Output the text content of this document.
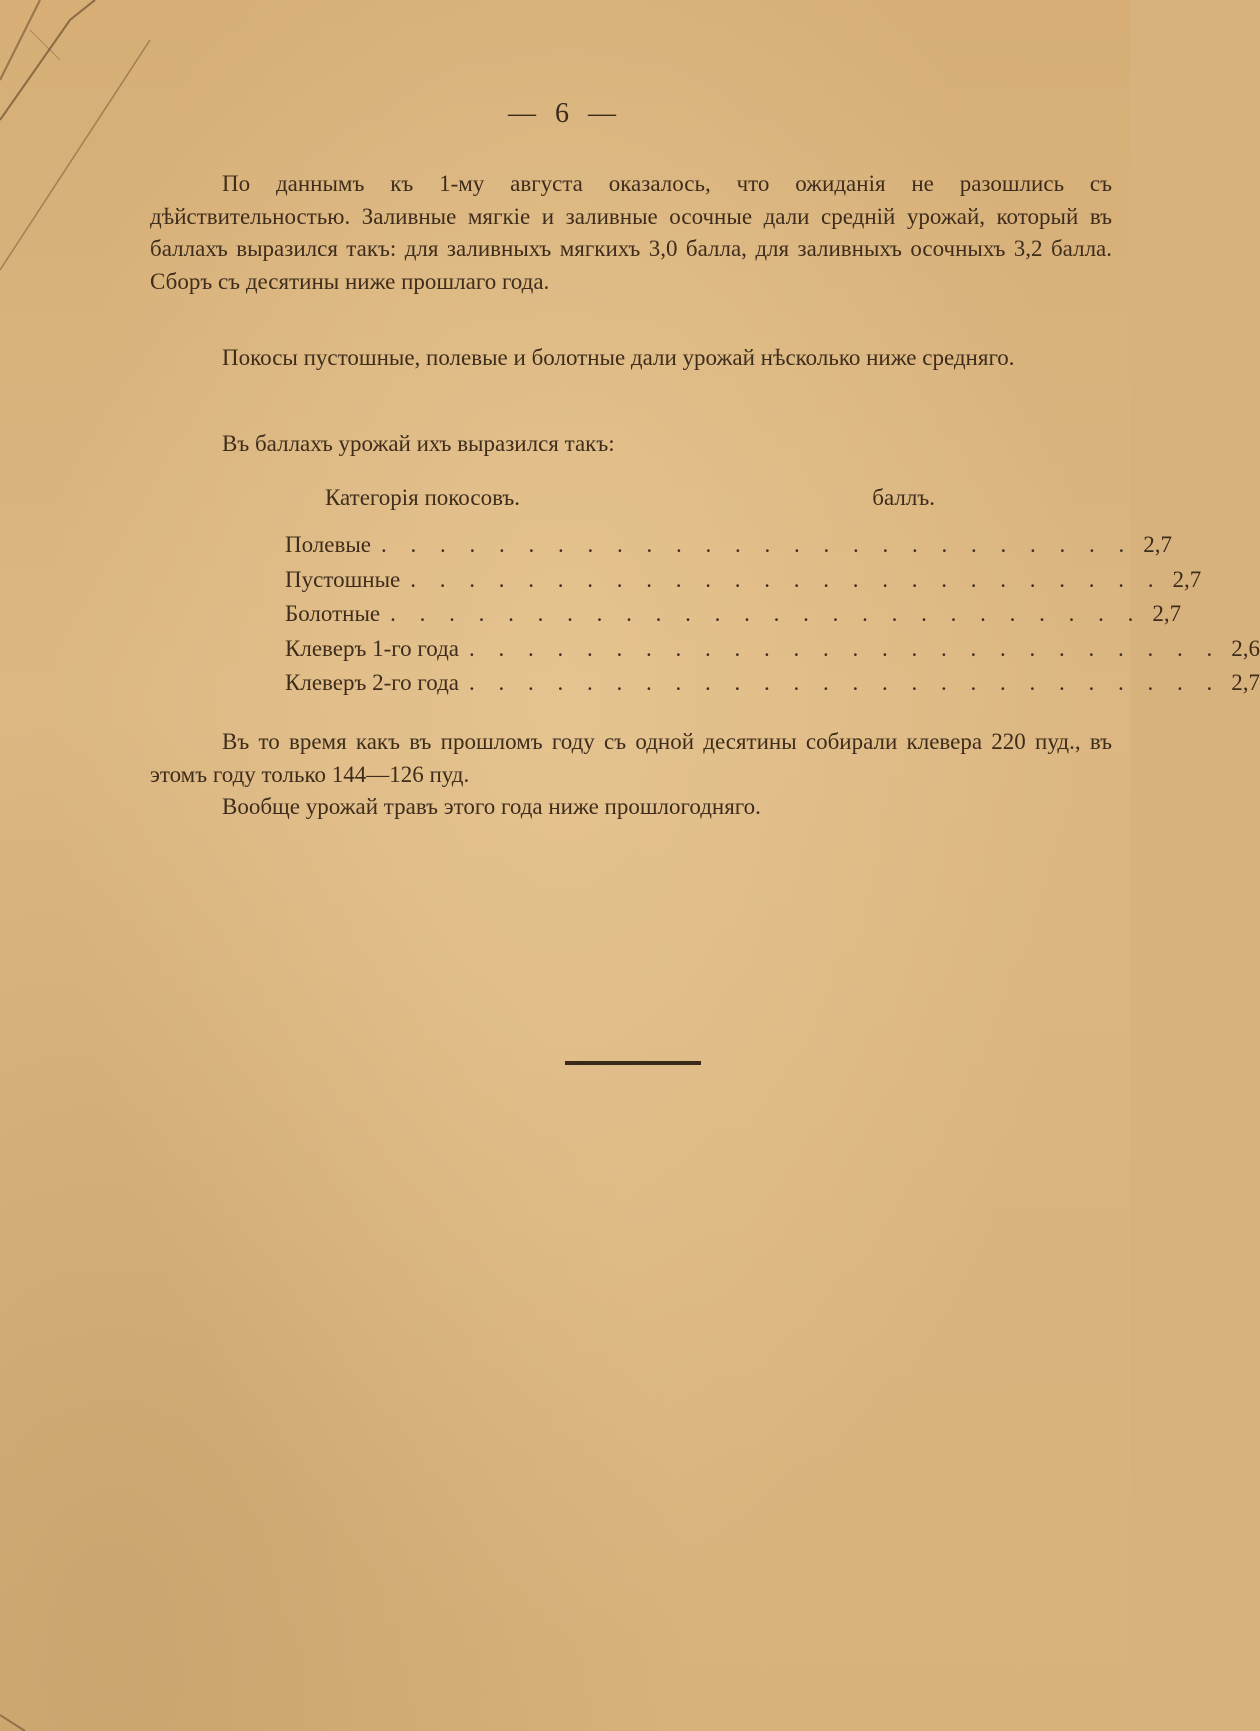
— 6 —

По даннымъ къ 1-му августа оказалось, что ожиданія не разошлись съ дѣйствительностью. Заливные мягкіе и заливные осочные дали средній урожай, который въ баллахъ выразился такъ: для заливныхъ мягкихъ 3,0 балла, для заливныхъ осочныхъ 3,2 балла. Сборъ съ десятины ниже прошлаго года.

Покосы пустошные, полевые и болотные дали урожай нѣсколько ниже средняго.

Въ баллахъ урожай ихъ выразился такъ:

Категорія покосовъ.	баллъ.
Полевые . . . . . . . . . . . . . . . . . . . . . . . . . . 2,7
Пустошные . . . . . . . . . . . . . . . . . . . . . . . . . . 2,7
Болотные . . . . . . . . . . . . . . . . . . . . . . . . . . 2,7
Клеверъ 1-го года . . . . . . . . . . . . . . . . . . . . . . . . . . 2,6
Клеверъ 2-го года . . . . . . . . . . . . . . . . . . . . . . . . . . 2,7

Въ то время какъ въ прошломъ году съ одной десятины собирали клевера 220 пуд., въ этомъ году только 144—126 пуд.

Вообще урожай травъ этого года ниже прошлогодняго.
